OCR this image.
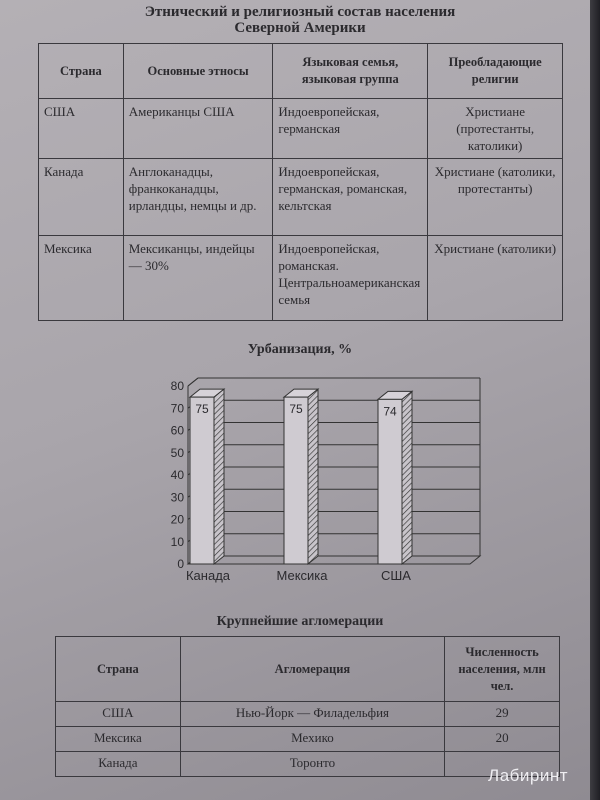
Этнический и религиозный состав населения
Северной Америки
Страна	Основные этносы	Языковая семья, языковая группа	Преобладающие религии
США	Американцы США	Индоевропейская, германская	Христиане (протестанты, католики)
Канада	Англоканадцы, франкоканадцы, ирландцы, немцы и др.	Индоевропейская, германская, романская, кельтская	Христиане (католики, протестанты)
Мексика	Мексиканцы, индейцы — 30%	Индоевропейская, романская. Центральноамериканская семья	Христиане (католики)
Урбанизация, %
75	75	74
0
10
20
30
40
50
60
70
80
Канада	Мексика	США
Крупнейшие агломерации
Страна	Агломерация	Численность населения, млн чел.
США	Нью-Йорк — Филадельфия	29
Мексика	Мехико	20
Канада	Торонто	
Лабиринт
